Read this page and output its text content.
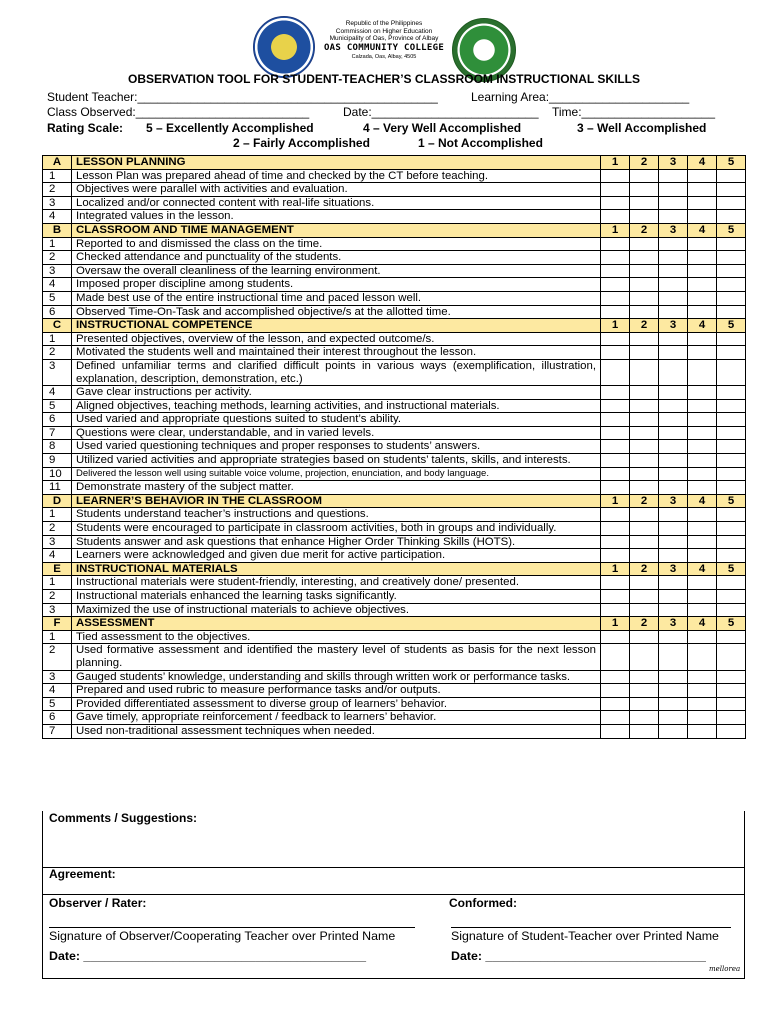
Republic of the Philippines
Commission on Higher Education
Municipality of Oas, Province of Albay
OAS COMMUNITY COLLEGE
Calzada, Oas, Albay, 4505
OBSERVATION TOOL FOR STUDENT-TEACHER’S CLASSROOM INSTRUCTIONAL SKILLS
Student Teacher:_____________________________________________	Learning Area:_____________________
Class Observed:__________________________	Date:_________________________ Time:____________________
Rating Scale: 5 – Excellently Accomplished	4 – Very Well Accomplished	3 – Well Accomplished
2 – Fairly Accomplished	1 – Not Accomplished
A	LESSON PLANNING	1	2	3	4	5
1	Lesson Plan was prepared ahead of time and checked by the CT before teaching.					
2	Objectives were parallel with activities and evaluation.					
3	Localized and/or connected content with real-life situations.					
4	Integrated values in the lesson.					
B	CLASSROOM AND TIME MANAGEMENT	1	2	3	4	5
1	Reported to and dismissed the class on the time.					
2	Checked attendance and punctuality of the students.					
3	Oversaw the overall cleanliness of the learning environment.					
4	Imposed proper discipline among students.					
5	Made best use of the entire instructional time and paced lesson well.					
6	Observed Time-On-Task and accomplished objective/s at the allotted time.					
C	INSTRUCTIONAL COMPETENCE	1	2	3	4	5
1	Presented objectives, overview of the lesson, and expected outcome/s.					
2	Motivated the students well and maintained their interest throughout the lesson.					
3	Defined unfamiliar terms and clarified difficult points in various ways (exemplification, illustration, explanation, description, demonstration, etc.)					
4	Gave clear instructions per activity.					
5	Aligned objectives, teaching methods, learning activities, and instructional materials.					
6	Used varied and appropriate questions suited to student’s ability.					
7	Questions were clear, understandable, and in varied levels.					
8	Used varied questioning techniques and proper responses to students’ answers.					
9	Utilized varied activities and appropriate strategies based on students’ talents, skills, and interests.					
10	Delivered the lesson well using suitable voice volume, projection, enunciation, and body language.					
11	Demonstrate mastery of the subject matter.					
D	LEARNER’S BEHAVIOR IN THE CLASSROOM	1	2	3	4	5
1	Students understand teacher’s instructions and questions.					
2	Students were encouraged to participate in classroom activities, both in groups and individually.					
3	Students answer and ask questions that enhance Higher Order Thinking Skills (HOTS).					
4	Learners were acknowledged and given due merit for active participation.					
E	INSTRUCTIONAL MATERIALS	1	2	3	4	5
1	Instructional materials were student-friendly, interesting, and creatively done/ presented.					
2	Instructional materials enhanced the learning tasks significantly.					
3	Maximized the use of instructional materials to achieve objectives.					
F	ASSESSMENT	1	2	3	4	5
1	Tied assessment to the objectives.					
2	Used formative assessment and identified the mastery level of students as basis for the next lesson planning.					
3	Gauged students’ knowledge, understanding and skills through written work or performance tasks.					
4	Prepared and used rubric to measure performance tasks and/or outputs.					
5	Provided differentiated assessment to diverse group of learners’ behavior.					
6	Gave timely, appropriate reinforcement / feedback to learners’ behavior.					
7	Used non-traditional assessment techniques when needed.					
Comments / Suggestions:
Agreement:
Observer / Rater:	Conformed:
Signature of Observer/Cooperating Teacher over Printed Name	Signature of Student-Teacher over Printed Name
Date: _________________________________________	Date: ________________________________
mellorea
